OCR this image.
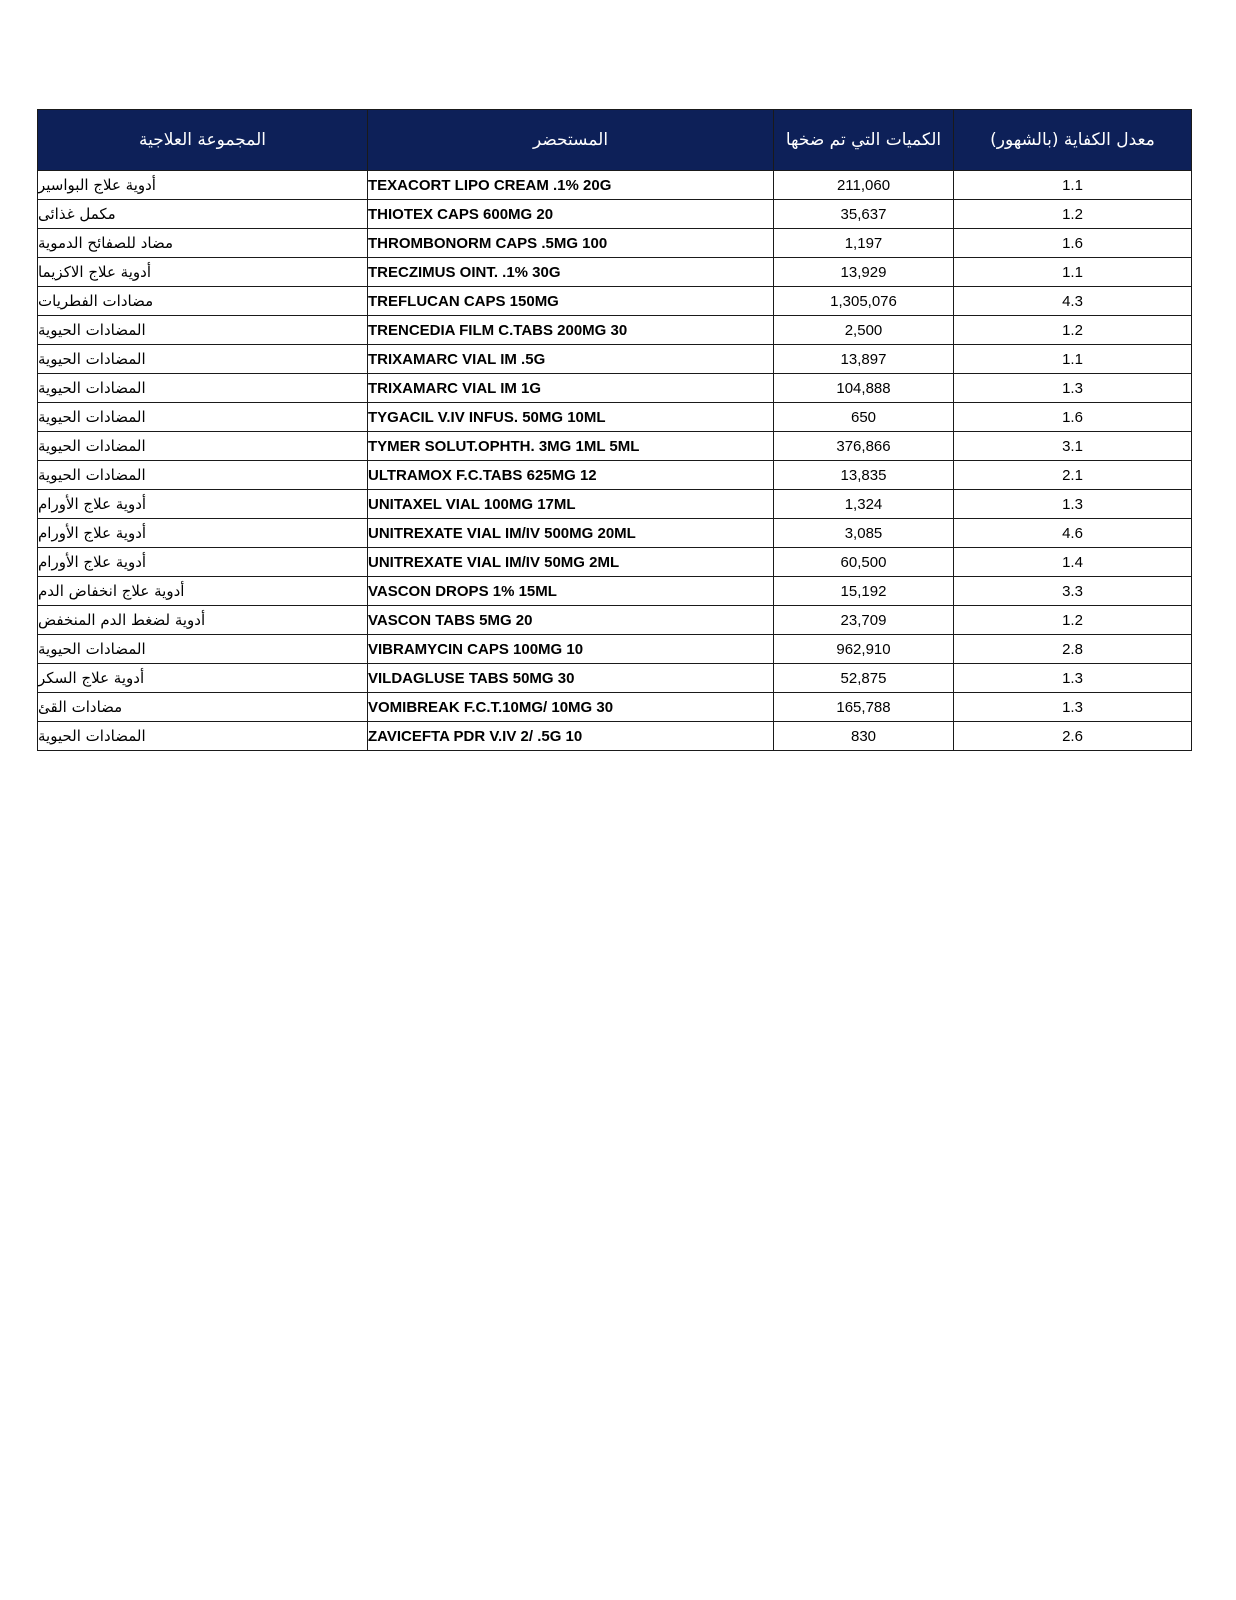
المجموعة العلاجية	المستحضر	الكميات التي تم ضخها	معدل الكفاية (بالشهور)
أدوية علاج البواسير	TEXACORT LIPO CREAM .1% 20G	211,060	1.1
مكمل غذائى	THIOTEX CAPS 600MG 20	35,637	1.2
مضاد للصفائح الدموية	THROMBONORM CAPS .5MG 100	1,197	1.6
أدوية علاج الاكزيما	TRECZIMUS OINT. .1% 30G	13,929	1.1
مضادات الفطريات	TREFLUCAN CAPS 150MG	1,305,076	4.3
المضادات الحيوية	TRENCEDIA FILM C.TABS 200MG 30	2,500	1.2
المضادات الحيوية	TRIXAMARC VIAL IM .5G	13,897	1.1
المضادات الحيوية	TRIXAMARC VIAL IM 1G	104,888	1.3
المضادات الحيوية	TYGACIL V.IV INFUS. 50MG 10ML	650	1.6
المضادات الحيوية	TYMER SOLUT.OPHTH. 3MG 1ML 5ML	376,866	3.1
المضادات الحيوية	ULTRAMOX F.C.TABS 625MG 12	13,835	2.1
أدوية علاج الأورام	UNITAXEL VIAL 100MG 17ML	1,324	1.3
أدوية علاج الأورام	UNITREXATE VIAL IM/IV 500MG 20ML	3,085	4.6
أدوية علاج الأورام	UNITREXATE VIAL IM/IV 50MG 2ML	60,500	1.4
أدوية علاج انخفاض الدم	VASCON DROPS 1% 15ML	15,192	3.3
أدوية لضغط الدم المنخفض	VASCON TABS 5MG 20	23,709	1.2
المضادات الحيوية	VIBRAMYCIN CAPS 100MG 10	962,910	2.8
أدوية علاج السكر	VILDAGLUSE TABS 50MG 30	52,875	1.3
مضادات القئ	VOMIBREAK F.C.T.10MG/ 10MG 30	165,788	1.3
المضادات الحيوية	ZAVICEFTA PDR V.IV 2/ .5G 10	830	2.6
